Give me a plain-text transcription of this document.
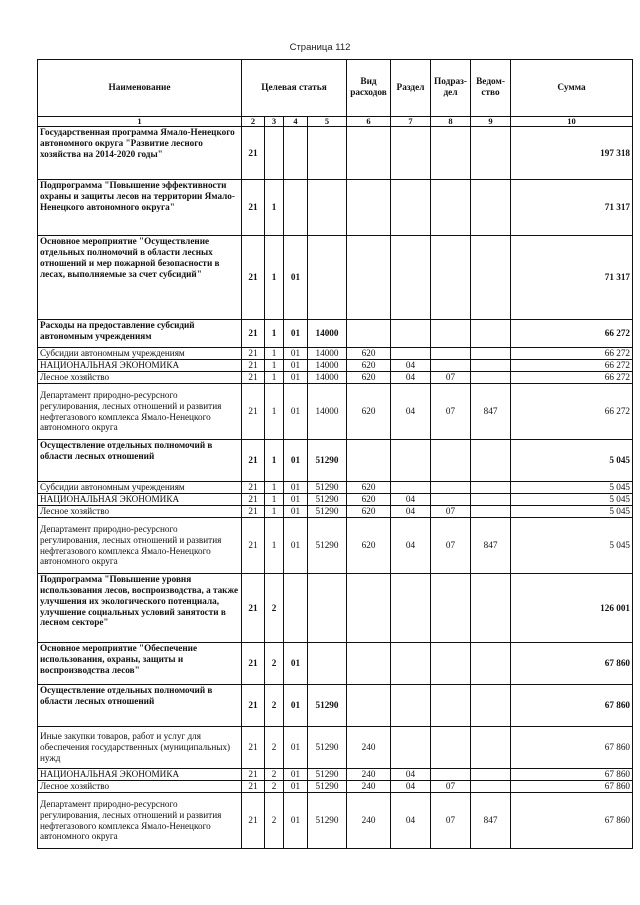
Страница 112
Наименование	Целевая статья				Вид расходов	Раздел	Подраз-дел	Ведом-ство	Сумма
1	2	3	4	5	6	7	8	9	10
Государственная программа Ямало-Ненецкого автономного округа "Развитие лесного хозяйства на 2014-2020 годы"	21								197 318
Подпрограмма "Повышение эффективности охраны и защиты лесов на территории Ямало-Ненецкого автономного округа"	21	1							71 317
Основное мероприятие "Осуществление отдельных полномочий в области лесных отношений и мер пожарной безопасности в лесах, выполняемые за счет субсидий"	21	1	01						71 317
Расходы на предоставление субсидий автономным учреждениям	21	1	01	14000					66 272
Субсидии автономным учреждениям	21	1	01	14000	620				66 272
НАЦИОНАЛЬНАЯ ЭКОНОМИКА	21	1	01	14000	620	04			66 272
Лесное хозяйство	21	1	01	14000	620	04	07		66 272
Департамент природно-ресурсного регулирования, лесных отношений и развития нефтегазового комплекса Ямало-Ненецкого автономного округа	21	1	01	14000	620	04	07	847	66 272
Осуществление отдельных полномочий в области лесных отношений	21	1	01	51290					5 045
Субсидии автономным учреждениям	21	1	01	51290	620				5 045
НАЦИОНАЛЬНАЯ ЭКОНОМИКА	21	1	01	51290	620	04			5 045
Лесное хозяйство	21	1	01	51290	620	04	07		5 045
Департамент природно-ресурсного регулирования, лесных отношений и развития нефтегазового комплекса Ямало-Ненецкого автономного округа	21	1	01	51290	620	04	07	847	5 045
Подпрограмма "Повышение уровня использования лесов, воспроизводства, а также улучшения их экологического потенциала, улучшение социальных условий занятости в лесном секторе"	21	2							126 001
Основное мероприятие "Обеспечение использования, охраны, защиты и воспроизводства лесов"	21	2	01						67 860
Осуществление отдельных полномочий в области лесных отношений	21	2	01	51290					67 860
Иные закупки товаров, работ и услуг для обеспечения государственных (муниципальных) нужд	21	2	01	51290	240				67 860
НАЦИОНАЛЬНАЯ ЭКОНОМИКА	21	2	01	51290	240	04			67 860
Лесное хозяйство	21	2	01	51290	240	04	07		67 860
Департамент природно-ресурсного регулирования, лесных отношений и развития нефтегазового комплекса Ямало-Ненецкого автономного округа	21	2	01	51290	240	04	07	847	67 860
